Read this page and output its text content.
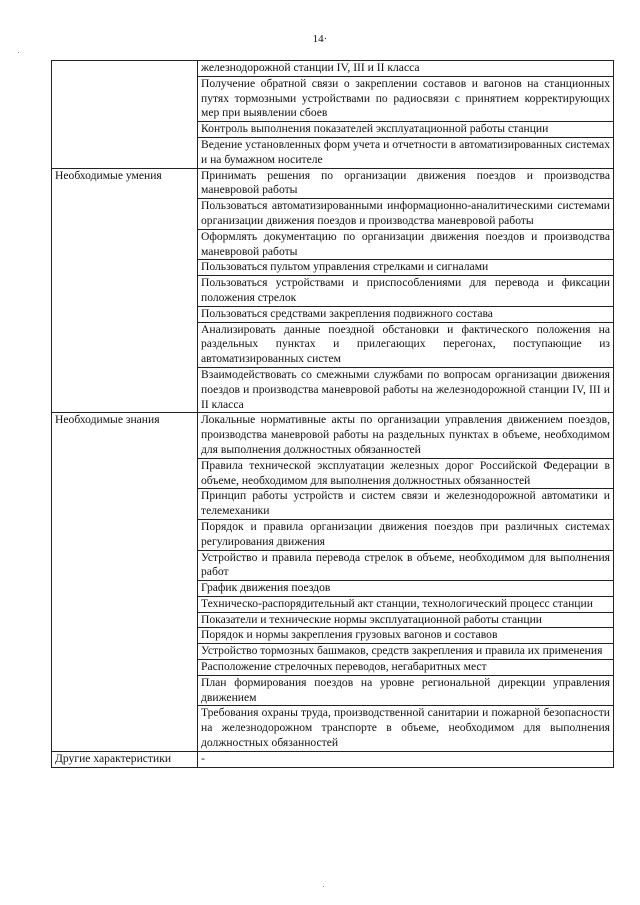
14·
	железнодорожной станции IV, III и II класса
	Получение обратной связи о закреплении составов и вагонов на станционных путях тормозными устройствами по радиосвязи с принятием корректирующих мер при выявлении сбоев
	Контроль выполнения показателей эксплуатационной работы станции
	Ведение установленных форм учета и отчетности в автоматизированных системах и на бумажном носителе
Необходимые умения	Принимать решения по организации движения поездов и производства маневровой работы
	Пользоваться автоматизированными информационно-аналитическими системами организации движения поездов и производства маневровой работы
	Оформлять документацию по организации движения поездов и производства маневровой работы
	Пользоваться пультом управления стрелками и сигналами
	Пользоваться устройствами и приспособлениями для перевода и фиксации положения стрелок
	Пользоваться средствами закрепления подвижного состава
	Анализировать данные поездной обстановки и фактического положения на раздельных пунктах и прилегающих перегонах, поступающие из автоматизированных систем
	Взаимодействовать со смежными службами по вопросам организации движения поездов и производства маневровой работы на железнодорожной станции IV, III и II класса
Необходимые знания	Локальные нормативные акты по организации управления движением поездов, производства маневровой работы на раздельных пунктах в объеме, необходимом для выполнения должностных обязанностей
	Правила технической эксплуатации железных дорог Российской Федерации в объеме, необходимом для выполнения должностных обязанностей
	Принцип работы устройств и систем связи и железнодорожной автоматики и телемеханики
	Порядок и правила организации движения поездов при различных системах регулирования движения
	Устройство и правила перевода стрелок в объеме, необходимом для выполнения работ
	График движения поездов
	Техническо-распорядительный акт станции, технологический процесс станции
	Показатели и технические нормы эксплуатационной работы станции
	Порядок и нормы закрепления грузовых вагонов и составов
	Устройство тормозных башмаков, средств закрепления и правила их применения
	Расположение стрелочных переводов, негабаритных мест
	План формирования поездов на уровне региональной дирекции управления движением
	Требования охраны труда, производственной санитарии и пожарной безопасности на железнодорожном транспорте в объеме, необходимом для выполнения должностных обязанностей
Другие характеристики	-
